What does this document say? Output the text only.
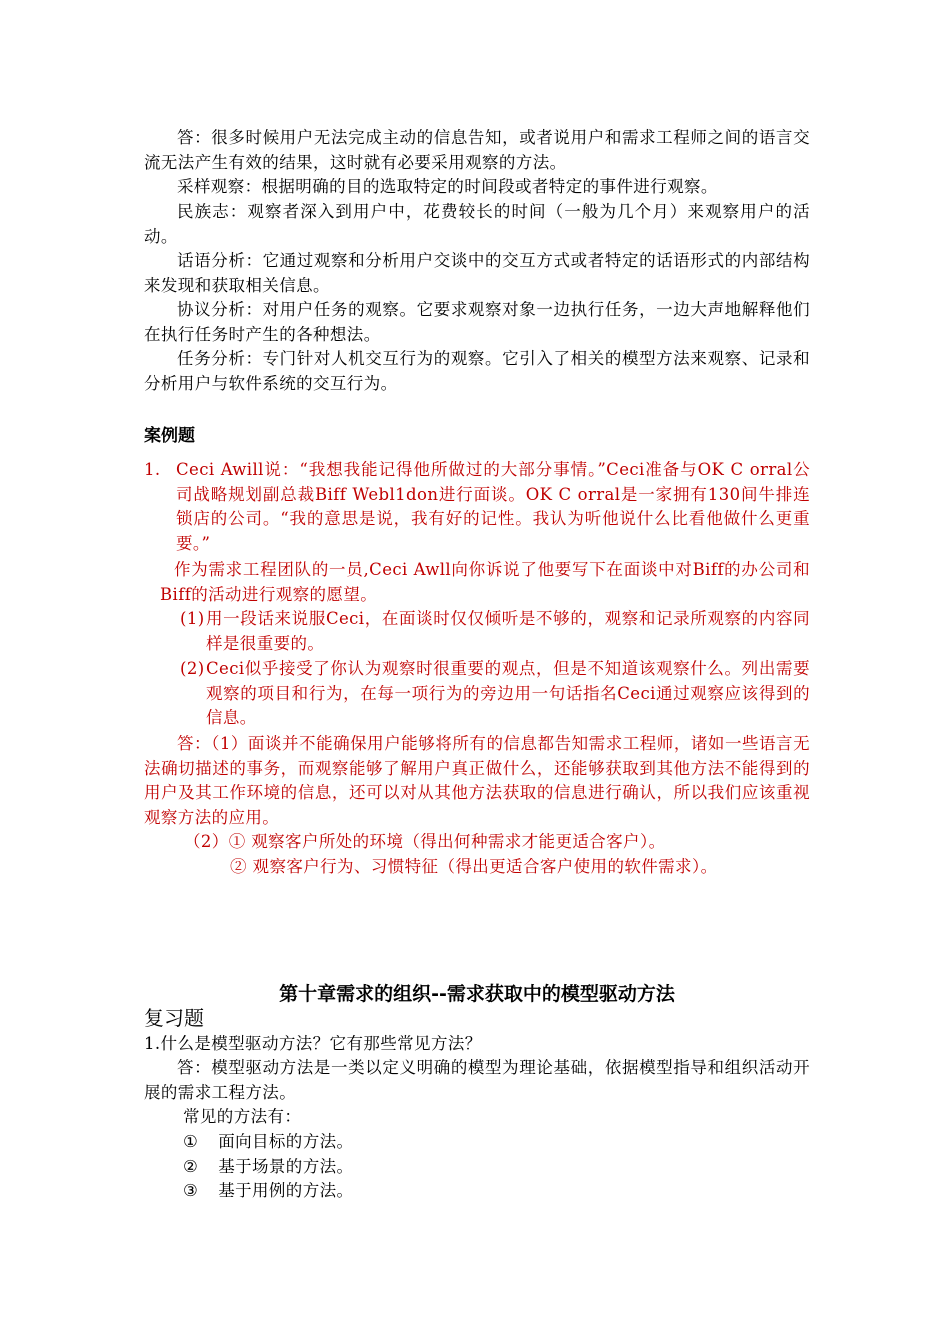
答：很多时候用户无法完成主动的信息告知，或者说用户和需求工程师之间的语言交流无法产生有效的结果，这时就有必要采用观察的方法。

采样观察：根据明确的目的选取特定的时间段或者特定的事件进行观察。

民族志：观察者深入到用户中，花费较长的时间（一般为几个月）来观察用户的活动。

话语分析：它通过观察和分析用户交谈中的交互方式或者特定的话语形式的内部结构来发现和获取相关信息。

协议分析：对用户任务的观察。它要求观察对象一边执行任务，一边大声地解释他们在执行任务时产生的各种想法。

任务分析：专门针对人机交互行为的观察。它引入了相关的模型方法来观察、记录和分析用户与软件系统的交互行为。

案例题

1. Ceci Awill说：“我想我能记得他所做过的大部分事情。”Ceci准备与OK C orral公司战略规划副总裁Biff Webl1don进行面谈。OK C orral是一家拥有130间牛排连锁店的公司。“我的意思是说，我有好的记性。我认为听他说什么比看他做什么更重要。”

作为需求工程团队的一员,Ceci Awll向你诉说了他要写下在面谈中对Biff的办公司和Biff的活动进行观察的愿望。

(1) 用一段话来说服Ceci，在面谈时仅仅倾听是不够的，观察和记录所观察的内容同样是很重要的。

(2) Ceci似乎接受了你认为观察时很重要的观点，但是不知道该观察什么。列出需要观察的项目和行为，在每一项行为的旁边用一句话指名Ceci通过观察应该得到的信息。

答：（1）面谈并不能确保用户能够将所有的信息都告知需求工程师，诸如一些语言无法确切描述的事务，而观察能够了解用户真正做什么，还能够获取到其他方法不能得到的用户及其工作环境的信息，还可以对从其他方法获取的信息进行确认，所以我们应该重视观察方法的应用。

（2）① 观察客户所处的环境（得出何种需求才能更适合客户）。

② 观察客户行为、习惯特征（得出更适合客户使用的软件需求）。

第十章需求的组织--需求获取中的模型驱动方法

复习题

1.什么是模型驱动方法？它有那些常见方法？

答：模型驱动方法是一类以定义明确的模型为理论基础，依据模型指导和组织活动开展的需求工程方法。

常见的方法有：

① 面向目标的方法。
② 基于场景的方法。
③ 基于用例的方法。
